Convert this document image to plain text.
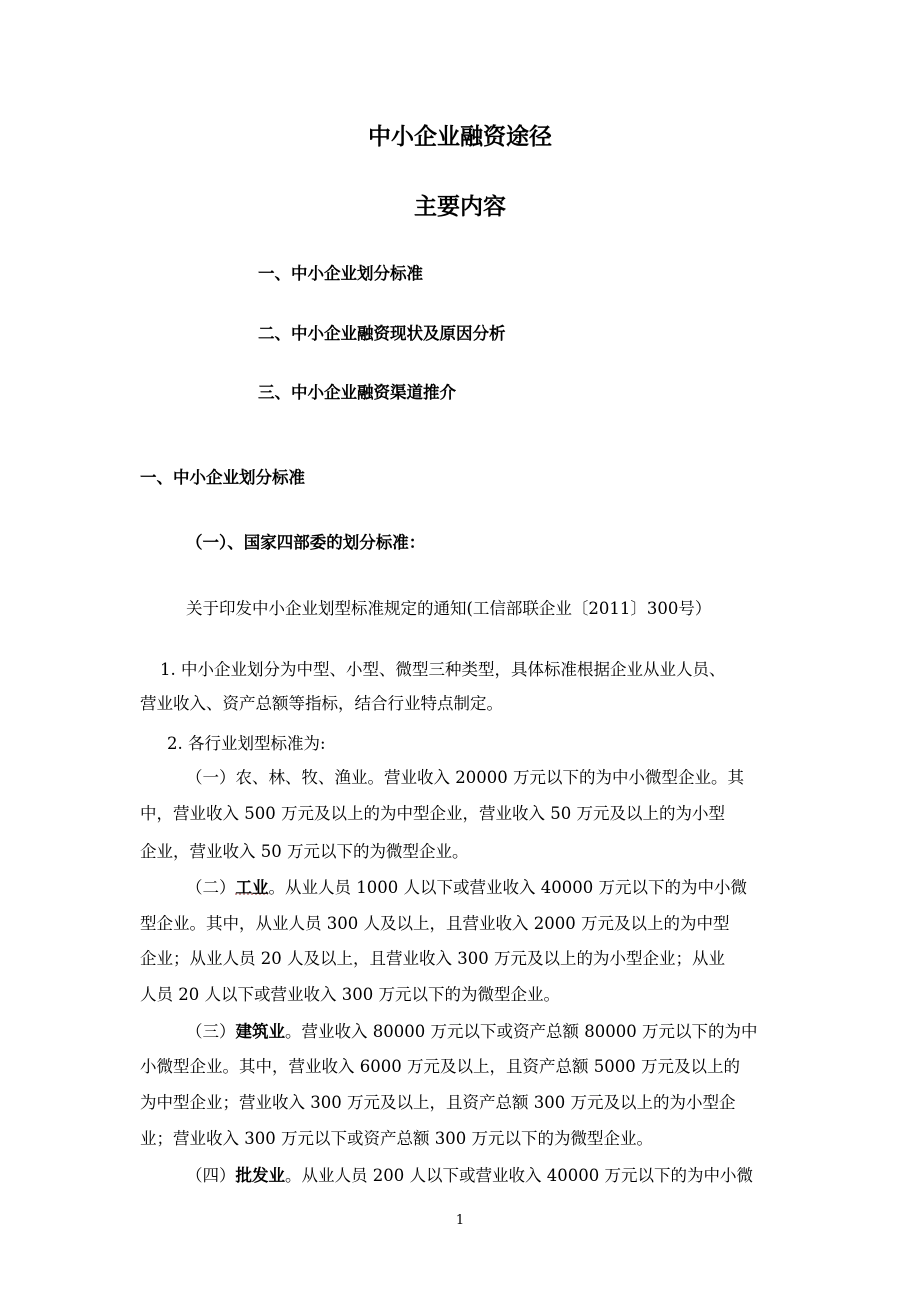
中小企业融资途径
主要内容
一、中小企业划分标准
二、中小企业融资现状及原因分析
三、中小企业融资渠道推介
一、中小企业划分标准
（一）、国家四部委的划分标准：
关于印发中小企业划型标准规定的通知(工信部联企业〔2011〕300号）
1. 中小企业划分为中型、小型、微型三种类型，具体标准根据企业从业人员、
营业收入、资产总额等指标，结合行业特点制定。
2. 各行业划型标准为:
（一）农、林、牧、渔业。营业收入 20000 万元以下的为中小微型企业。其
中，营业收入 500 万元及以上的为中型企业，营业收入 50 万元及以上的为小型
企业，营业收入 50 万元以下的为微型企业。
（二）工业。从业人员 1000 人以下或营业收入 40000 万元以下的为中小微
型企业。其中，从业人员 300 人及以上，且营业收入 2000 万元及以上的为中型
企业；从业人员 20 人及以上，且营业收入 300 万元及以上的为小型企业；从业
人员 20 人以下或营业收入 300 万元以下的为微型企业。
（三）建筑业。营业收入 80000 万元以下或资产总额 80000 万元以下的为中
小微型企业。其中，营业收入 6000 万元及以上，且资产总额 5000 万元及以上的
为中型企业；营业收入 300 万元及以上，且资产总额 300 万元及以上的为小型企
业；营业收入 300 万元以下或资产总额 300 万元以下的为微型企业。
（四）批发业。从业人员 200 人以下或营业收入 40000 万元以下的为中小微
1
